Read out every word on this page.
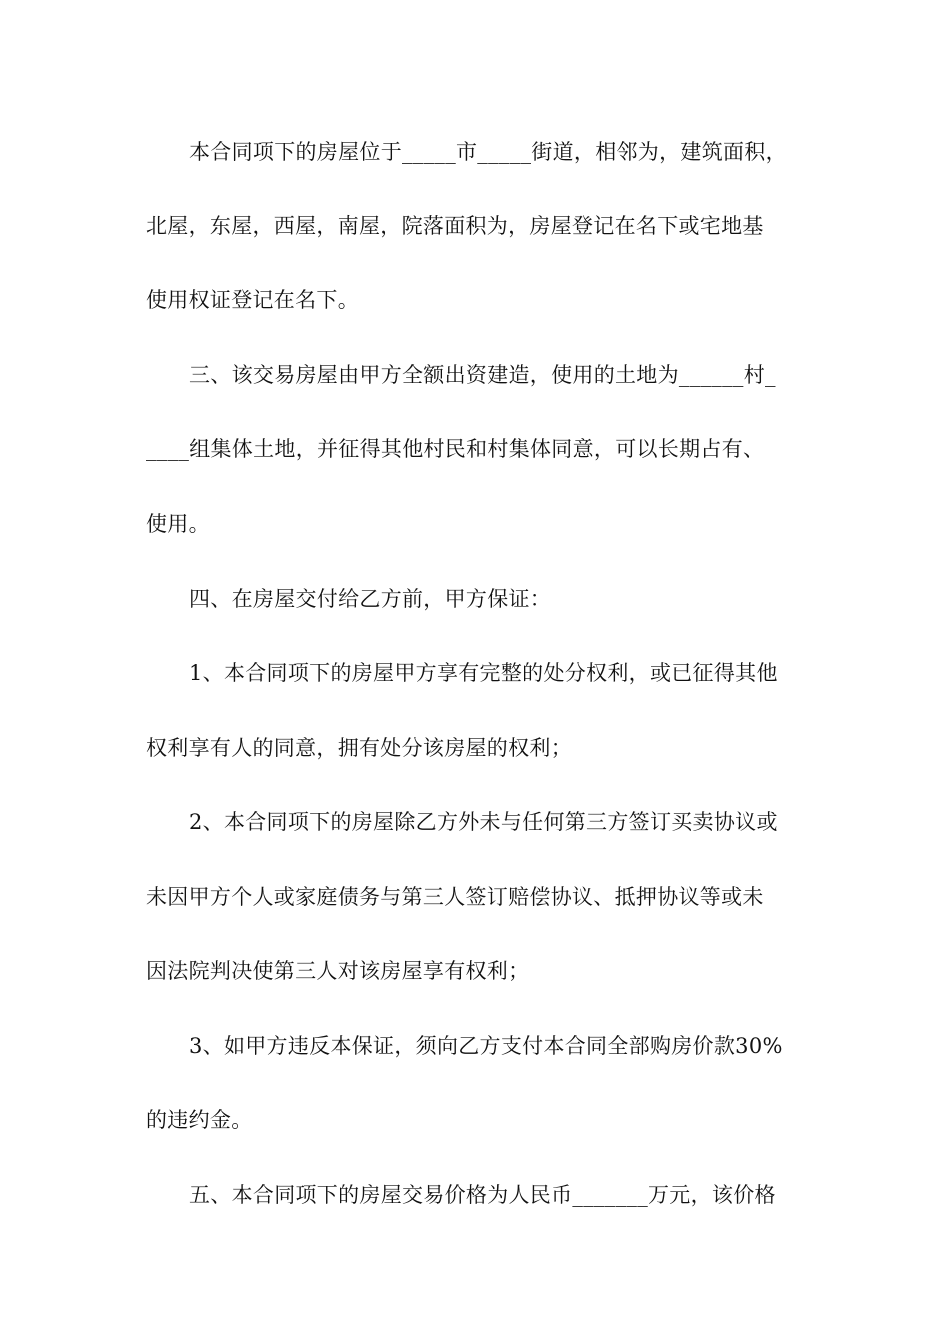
本合同项下的房屋位于_____市_____街道，相邻为，建筑面积，
北屋，东屋，西屋，南屋，院落面积为，房屋登记在名下或宅地基
使用权证登记在名下。
三、该交易房屋由甲方全额出资建造，使用的土地为______村_
____组集体土地，并征得其他村民和村集体同意，可以长期占有、
使用。
四、在房屋交付给乙方前，甲方保证：
1、本合同项下的房屋甲方享有完整的处分权利，或已征得其他
权利享有人的同意，拥有处分该房屋的权利；
2、本合同项下的房屋除乙方外未与任何第三方签订买卖协议或
未因甲方个人或家庭债务与第三人签订赔偿协议、抵押协议等或未
因法院判决使第三人对该房屋享有权利；
3、如甲方违反本保证，须向乙方支付本合同全部购房价款30%
的违约金。
五、本合同项下的房屋交易价格为人民币_______万元，该价格
